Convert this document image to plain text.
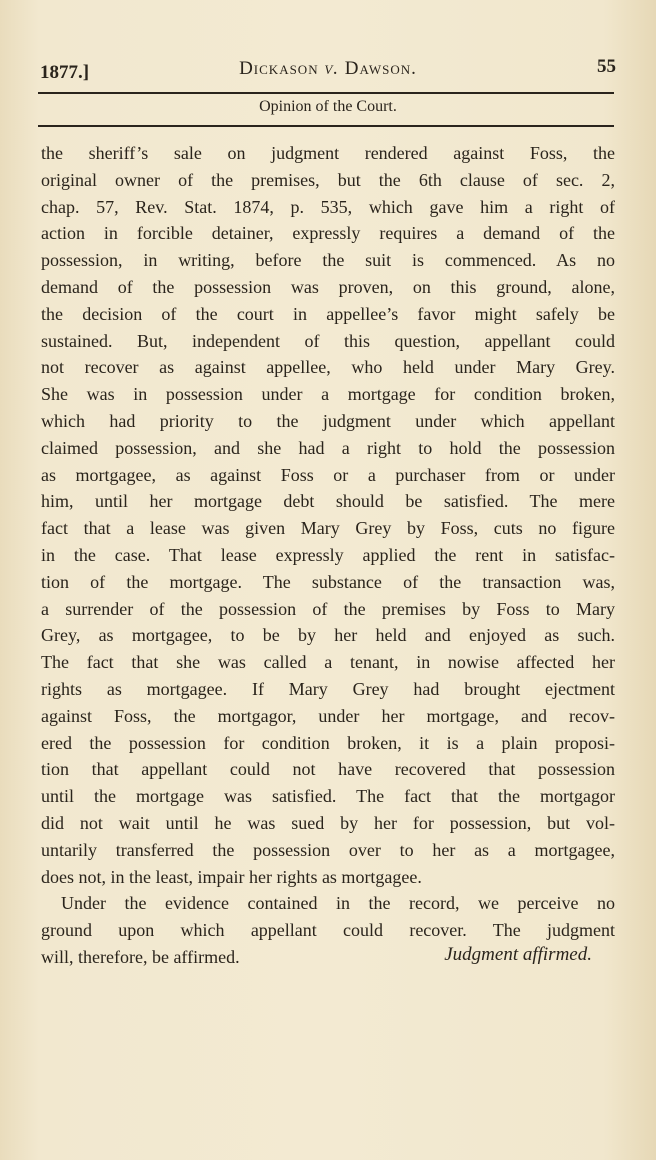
1877.]	Dickason v. Dawson.	55
Opinion of the Court.
the sheriff’s sale on judgment rendered against Foss, the
original owner of the premises, but the 6th clause of sec. 2,
chap. 57, Rev. Stat. 1874, p. 535, which gave him a right of
action in forcible detainer, expressly requires a demand of the
possession, in writing, before the suit is commenced. As no
demand of the possession was proven, on this ground, alone,
the decision of the court in appellee’s favor might safely be
sustained. But, independent of this question, appellant could
not recover as against appellee, who held under Mary Grey.
She was in possession under a mortgage for condition broken,
which had priority to the judgment under which appellant
claimed possession, and she had a right to hold the possession
as mortgagee, as against Foss or a purchaser from or under
him, until her mortgage debt should be satisfied. The mere
fact that a lease was given Mary Grey by Foss, cuts no figure
in the case. That lease expressly applied the rent in satisfac-
tion of the mortgage. The substance of the transaction was,
a surrender of the possession of the premises by Foss to Mary
Grey, as mortgagee, to be by her held and enjoyed as such.
The fact that she was called a tenant, in nowise affected her
rights as mortgagee. If Mary Grey had brought ejectment
against Foss, the mortgagor, under her mortgage, and recov-
ered the possession for condition broken, it is a plain proposi-
tion that appellant could not have recovered that possession
until the mortgage was satisfied. The fact that the mortgagor
did not wait until he was sued by her for possession, but vol-
untarily transferred the possession over to her as a mortgagee,
does not, in the least, impair her rights as mortgagee.
Under the evidence contained in the record, we perceive no
ground upon which appellant could recover. The judgment
will, therefore, be affirmed.	Judgment affirmed.
